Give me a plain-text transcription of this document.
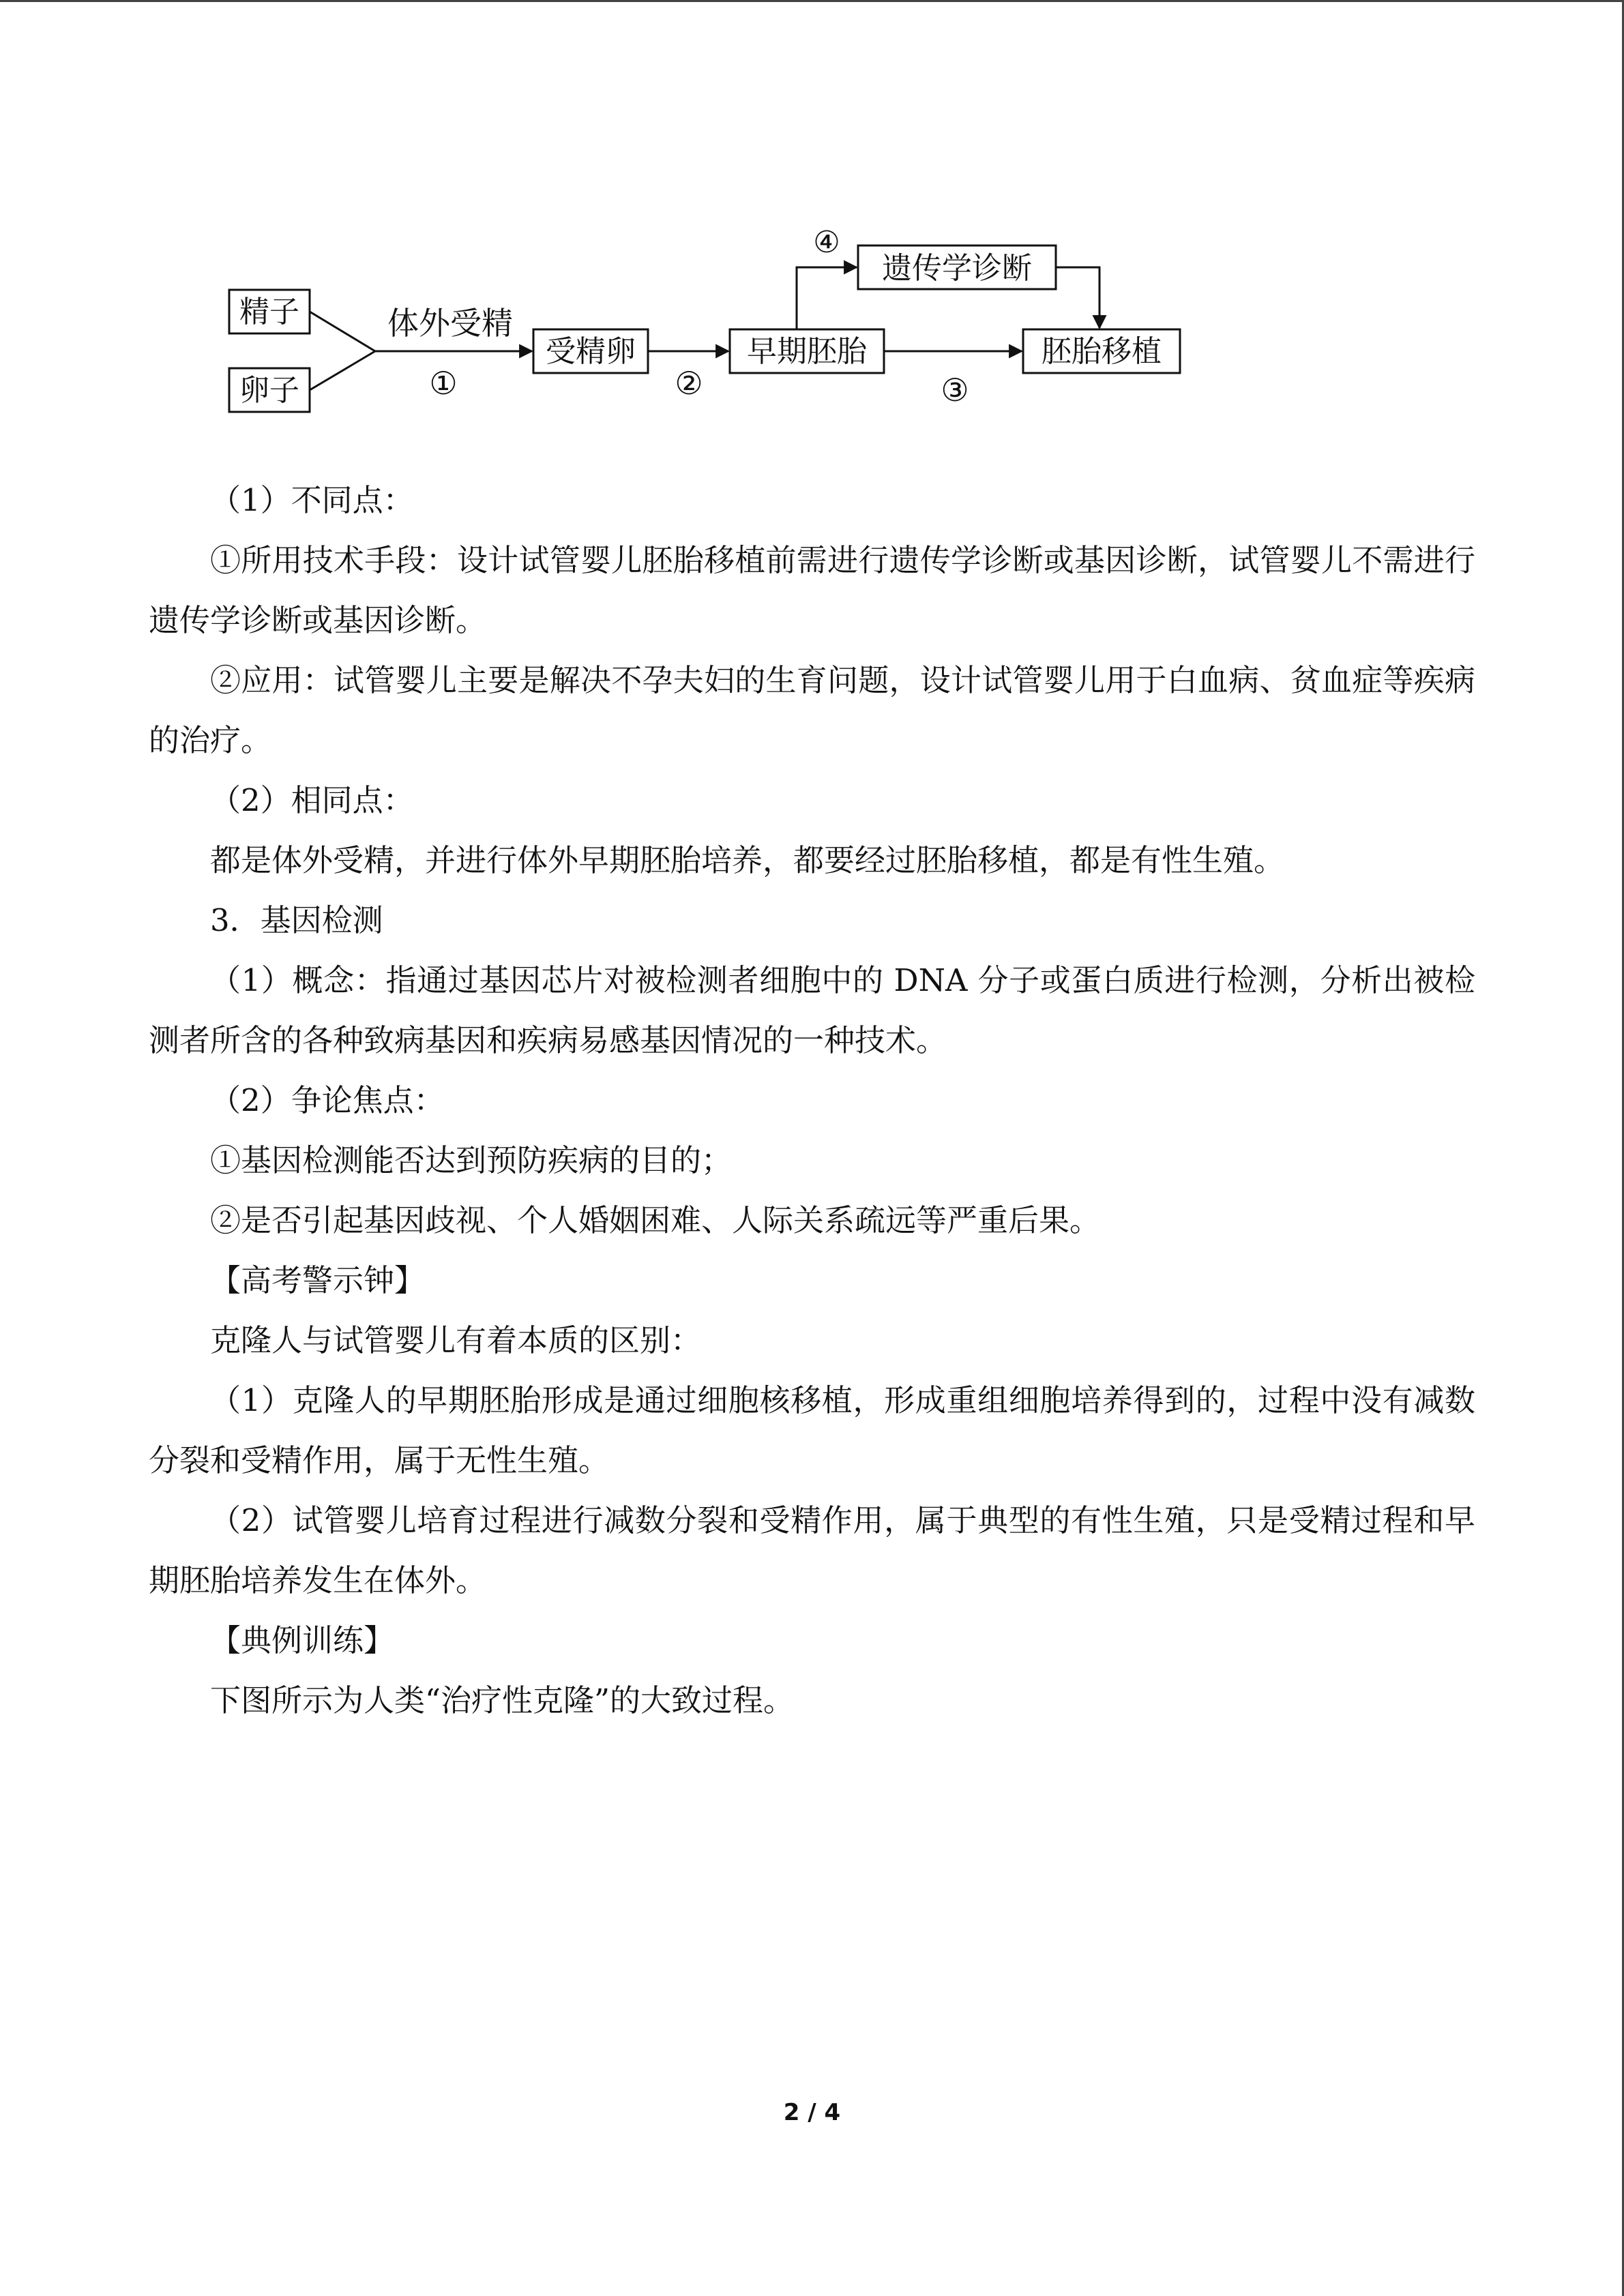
精子
卵子
体外受精
①
受精卵
②
早期胚胎
④
遗传学诊断
③
胚胎移植

（1）不同点：

①所用技术手段：设计试管婴儿胚胎移植前需进行遗传学诊断或基因诊断，试管婴儿不需进行遗传学诊断或基因诊断。

②应用：试管婴儿主要是解决不孕夫妇的生育问题，设计试管婴儿用于白血病、贫血症等疾病的治疗。

（2）相同点：

都是体外受精，并进行体外早期胚胎培养，都要经过胚胎移植，都是有性生殖。

3．基因检测

（1）概念：指通过基因芯片对被检测者细胞中的 DNA 分子或蛋白质进行检测，分析出被检测者所含的各种致病基因和疾病易感基因情况的一种技术。

（2）争论焦点：

①基因检测能否达到预防疾病的目的；

②是否引起基因歧视、个人婚姻困难、人际关系疏远等严重后果。

【高考警示钟】

克隆人与试管婴儿有着本质的区别：

（1）克隆人的早期胚胎形成是通过细胞核移植，形成重组细胞培养得到的，过程中没有减数分裂和受精作用，属于无性生殖。

（2）试管婴儿培育过程进行减数分裂和受精作用，属于典型的有性生殖，只是受精过程和早期胚胎培养发生在体外。

【典例训练】

下图所示为人类“治疗性克隆”的大致过程。

2 / 4
